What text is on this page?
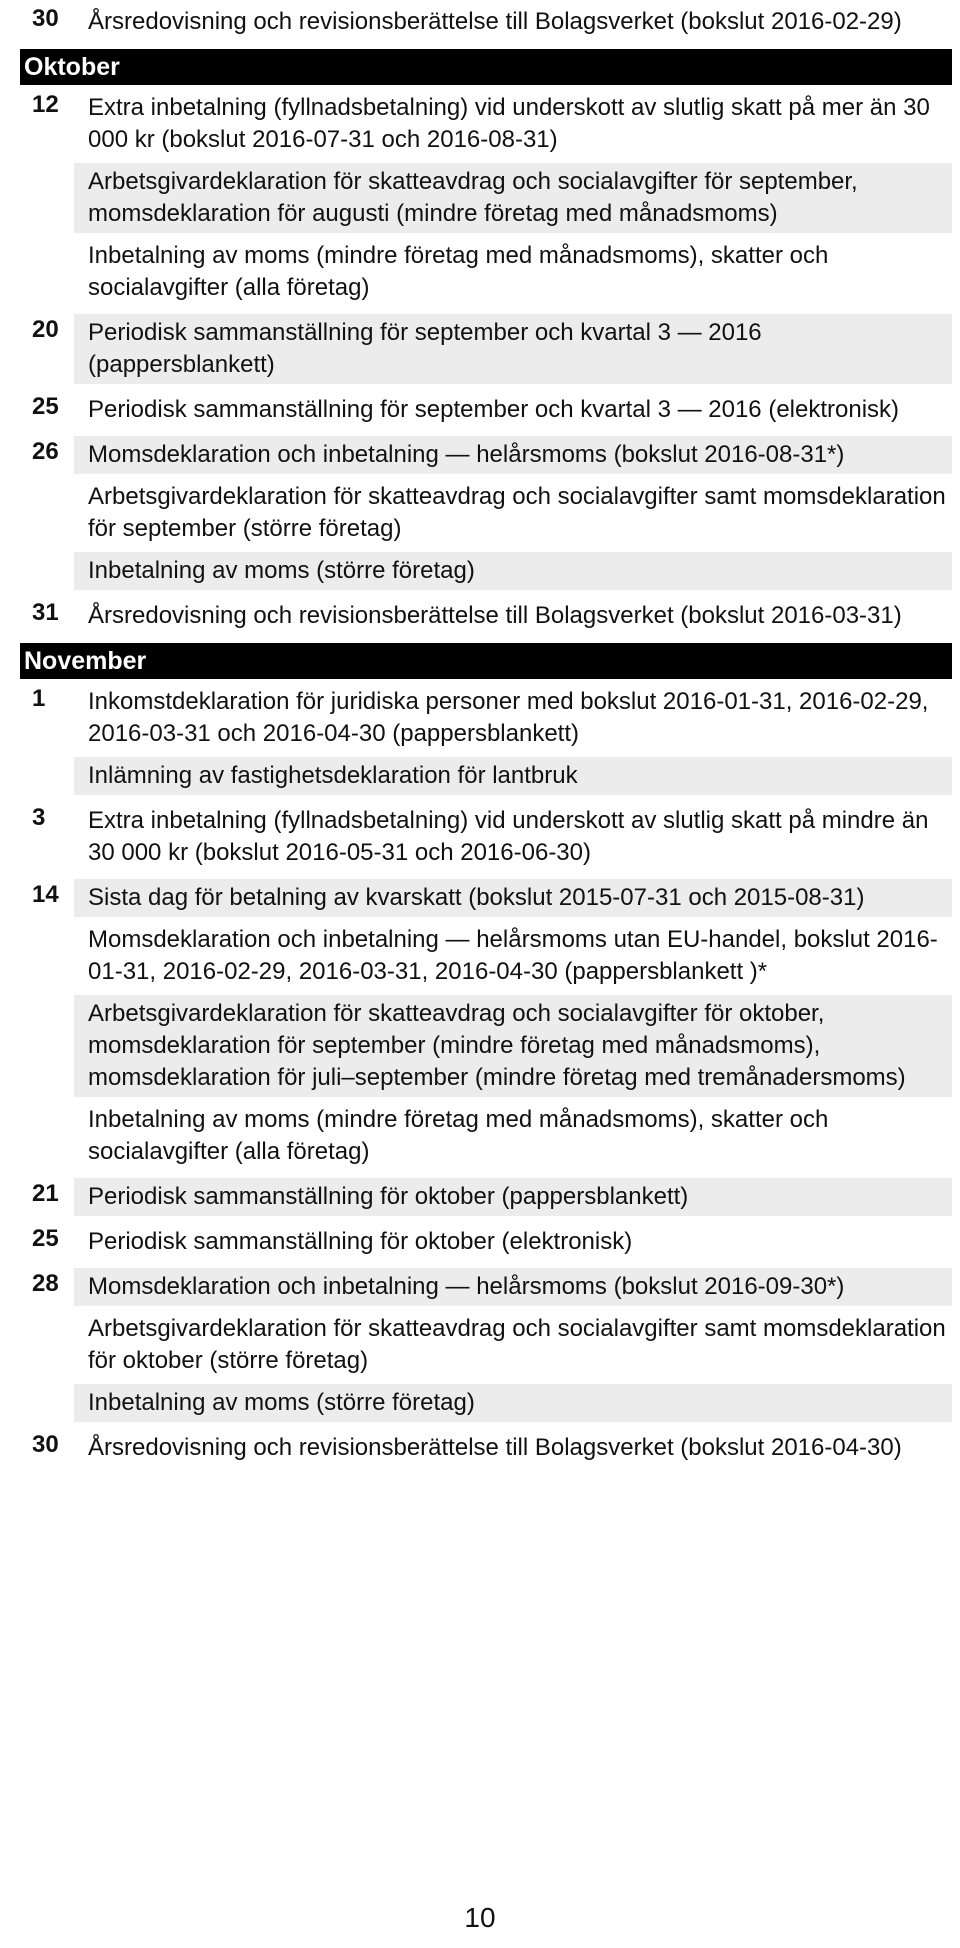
30	Årsredovisning och revisionsberättelse till Bolagsverket (bokslut 2016-02-29)
Oktober
12	Extra inbetalning (fyllnadsbetalning) vid underskott av slutlig skatt på mer än 30 000 kr (bokslut 2016-07-31 och 2016-08-31)
Arbetsgivardeklaration för skatteavdrag och socialavgifter för september, momsdeklaration för augusti (mindre företag med månadsmoms)
Inbetalning av moms (mindre företag med månadsmoms), skatter och socialavgifter (alla företag)
20	Periodisk sammanställning för september och kvartal 3 — 2016 (pappersblankett)
25	Periodisk sammanställning för september och kvartal 3 — 2016 (elektronisk)
26	Momsdeklaration och inbetalning — helårsmoms (bokslut 2016-08-31*)
Arbetsgivardeklaration för skatteavdrag och socialavgifter samt momsdeklaration för september (större företag)
Inbetalning av moms (större företag)
31	Årsredovisning och revisionsberättelse till Bolagsverket (bokslut 2016-03-31)
November
1	Inkomstdeklaration för juridiska personer med bokslut 2016-01-31, 2016-02-29, 2016-03-31 och 2016-04-30 (pappersblankett)
Inlämning av fastighetsdeklaration för lantbruk
3	Extra inbetalning (fyllnadsbetalning) vid underskott av slutlig skatt på mindre än 30 000 kr (bokslut 2016-05-31 och 2016-06-30)
14	Sista dag för betalning av kvarskatt (bokslut 2015-07-31 och 2015-08-31)
Momsdeklaration och inbetalning — helårsmoms utan EU-handel, bokslut 2016-01-31, 2016-02-29, 2016-03-31, 2016-04-30 (pappersblankett )*
Arbetsgivardeklaration för skatteavdrag och socialavgifter för oktober, momsdeklaration för september (mindre företag med månadsmoms), momsdeklaration för juli–september (mindre företag med tremånadersmoms)
Inbetalning av moms (mindre företag med månadsmoms), skatter och socialavgifter (alla företag)
21	Periodisk sammanställning för oktober (pappersblankett)
25	Periodisk sammanställning för oktober (elektronisk)
28	Momsdeklaration och inbetalning — helårsmoms (bokslut 2016-09-30*)
Arbetsgivardeklaration för skatteavdrag och socialavgifter samt momsdeklaration för oktober (större företag)
Inbetalning av moms (större företag)
30	Årsredovisning och revisionsberättelse till Bolagsverket (bokslut 2016-04-30)
10
